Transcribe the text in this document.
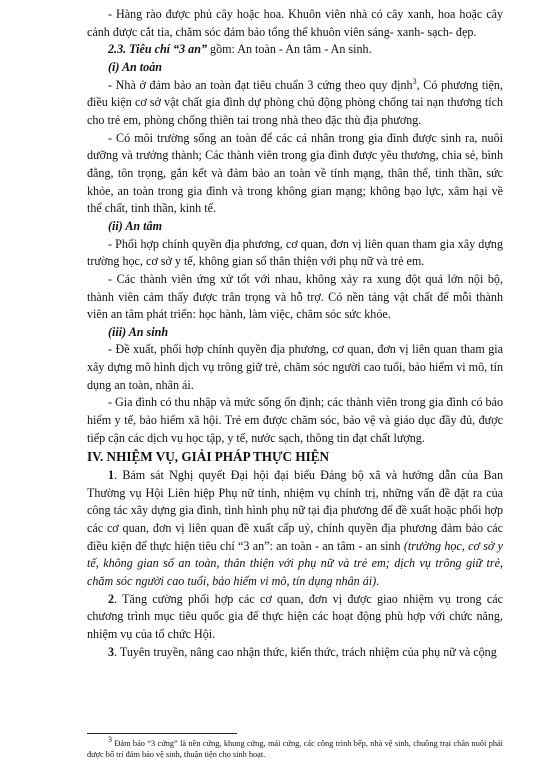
- Hàng rào được phủ cây hoặc hoa. Khuôn viên nhà có cây xanh, hoa hoặc cây cảnh được cắt tỉa, chăm sóc đảm bảo tổng thể khuôn viên sáng- xanh- sạch- đẹp.

2.3. Tiêu chí “3 an” gồm: An toàn - An tâm - An sinh.

(i) An toàn

- Nhà ở đảm bảo an toàn đạt tiêu chuẩn 3 cứng theo quy định$^3$, Có phương tiện, điều kiện cơ sở vật chất gia đình dự phòng chủ động phòng chống tai nạn thương tích cho trẻ em, phòng chống thiên tai trong nhà theo đặc thù địa phương.

- Có môi trường sống an toàn để các cá nhân trong gia đình được sinh ra, nuôi dưỡng và trưởng thành; Các thành viên trong gia đình được yêu thương, chia sẻ, bình đẳng, tôn trọng, gắn kết và đảm bảo an toàn về tính mạng, thân thể, tinh thần, sức khỏe, an toàn trong gia đình và trong không gian mạng; không bạo lực, xâm hại về thể chất, tinh thần, kinh tế.

(ii) An tâm

- Phối hợp chính quyền địa phương, cơ quan, đơn vị liên quan tham gia xây dựng trường học, cơ sở y tế, không gian số thân thiện với phụ nữ và trẻ em.

- Các thành viên ứng xử tốt với nhau, không xảy ra xung đột quá lớn nội bộ, thành viên cảm thấy được trân trọng và hỗ trợ. Có nền tảng vật chất để mỗi thành viên an tâm phát triển: học hành, làm việc, chăm sóc sức khỏe.

(iii) An sinh

- Đề xuất, phối hợp chính quyền địa phương, cơ quan, đơn vị liên quan tham gia xây dựng mô hình dịch vụ trông giữ trẻ, chăm sóc người cao tuổi, bảo hiểm vi mô, tín dụng an toàn, nhân ái.

- Gia đình có thu nhập và mức sống ổn định; các thành viên trong gia đình có bảo hiểm y tế, bảo hiểm xã hội. Trẻ em được chăm sóc, bảo vệ và giáo dục đầy đủ, được tiếp cận các dịch vụ học tập, y tế, nước sạch, thông tin đạt chất lượng.

IV. NHIỆM VỤ, GIẢI PHÁP THỰC HIỆN

1. Bám sát Nghị quyết Đại hội đại biểu Đảng bộ xã và hướng dẫn của Ban Thường vụ Hội Liên hiệp Phụ nữ tỉnh, nhiệm vụ chính trị, những vấn đề đặt ra của công tác xây dựng gia đình, tình hình phụ nữ tại địa phương để đề xuất hoặc phối hợp các cơ quan, đơn vị liên quan đề xuất cấp uỷ, chính quyền địa phương đảm bảo các điều kiện để thực hiện tiêu chí “3 an”: an toàn - an tâm - an sinh (trường học, cơ sở y tế, không gian số an toàn, thân thiện với phụ nữ và trẻ em; dịch vụ trông giữ trẻ, chăm sóc người cao tuổi, bảo hiểm vi mô, tín dụng nhân ái).

2. Tăng cường phối hợp các cơ quan, đơn vị được giao nhiệm vụ trong các chương trình mục tiêu quốc gia để thực hiện các hoạt động phù hợp với chức năng, nhiệm vụ của tổ chức Hội.

3. Tuyên truyền, nâng cao nhận thức, kiến thức, trách nhiệm của phụ nữ và cộng

$^3$ Đảm bảo “3 cứng” là nền cứng, khung cứng, mái cứng, các công trình bếp, nhà vệ sinh, chuồng trại chăn nuôi phải được bố trí đảm bảo vệ sinh, thuận tiện cho sinh hoạt.
